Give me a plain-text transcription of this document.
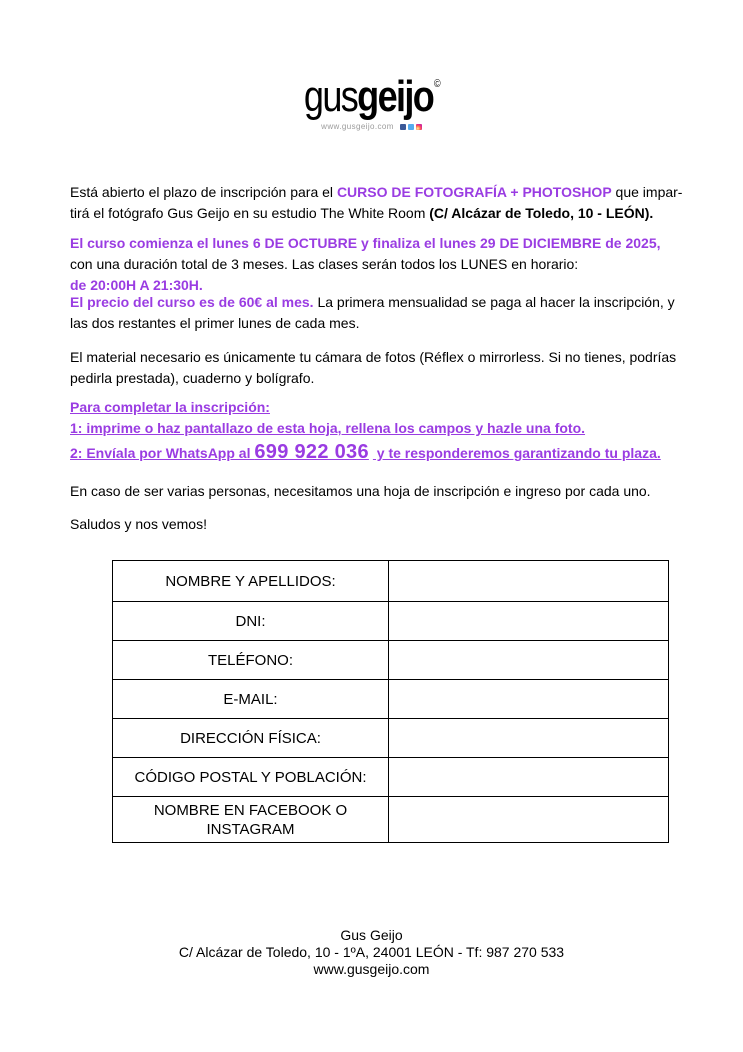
gusgeijo©
www.gusgeijo.com
Está abierto el plazo de inscripción para el CURSO DE FOTOGRAFÍA + PHOTOSHOP que impar-
tirá el fotógrafo Gus Geijo en su estudio The White Room (C/ Alcázar de Toledo, 10 - LEÓN).
El curso comienza el lunes 6 DE OCTUBRE y finaliza el lunes 29 DE DICIEMBRE de 2025,
con una duración total de 3 meses. Las clases serán todos los LUNES en horario:
de 20:00H A 21:30H.
El precio del curso es de 60€ al mes. La primera mensualidad se paga al hacer la inscripción, y
las dos restantes el primer lunes de cada mes.
El material necesario es únicamente tu cámara de fotos (Réflex o mirrorless. Si no tienes, podrías
pedirla prestada), cuaderno y bolígrafo.
Para completar la inscripción:
1: imprime o haz pantallazo de esta hoja, rellena los campos y hazle una foto.
2: Envíala por WhatsApp al 699 922 036 y te responderemos garantizando tu plaza.
En caso de ser varias personas, necesitamos una hoja de inscripción e ingreso por cada uno.
Saludos y nos vemos!
NOMBRE Y APELLIDOS:	
DNI:	
TELÉFONO:	
E-MAIL:	
DIRECCIÓN FÍSICA:	
CÓDIGO POSTAL Y POBLACIÓN:	
NOMBRE EN FACEBOOK O
INSTAGRAM	
Gus Geijo
C/ Alcázar de Toledo, 10 - 1ºA, 24001 LEÓN - Tf: 987 270 533
www.gusgeijo.com
